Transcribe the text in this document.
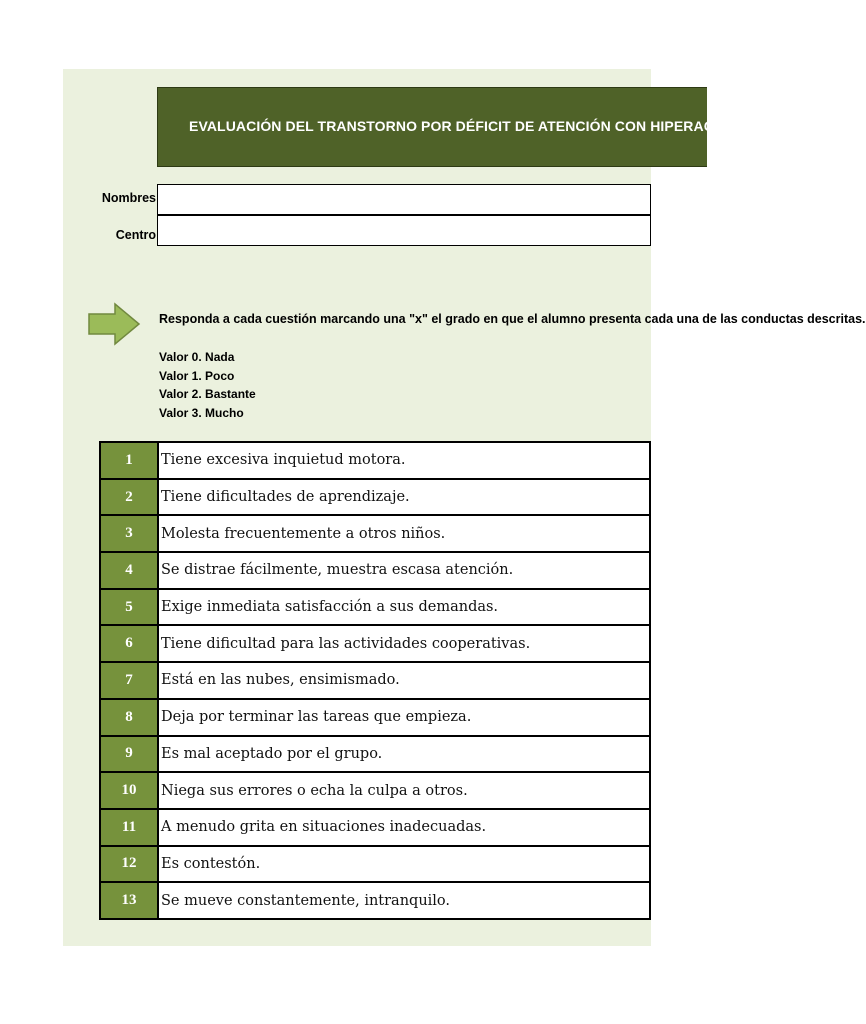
EVALUACIÓN DEL TRANSTORNO POR DÉFICIT DE ATENCIÓN CON HIPERACTIVIDAD
Nombres
Centro
Responda a cada cuestión marcando una "x" el grado en que el alumno presenta cada una de las conductas descritas.
Valor 0. Nada
Valor 1. Poco
Valor 2. Bastante
Valor 3. Mucho
1	Tiene excesiva inquietud motora.
2	Tiene dificultades de aprendizaje.
3	Molesta frecuentemente a otros niños.
4	Se distrae fácilmente, muestra escasa atención.
5	Exige inmediata satisfacción a sus demandas.
6	Tiene dificultad para las actividades cooperativas.
7	Está en las nubes, ensimismado.
8	Deja por terminar las tareas que empieza.
9	Es mal aceptado por el grupo.
10	Niega sus errores o echa la culpa a otros.
11	A menudo grita en situaciones inadecuadas.
12	Es contestón.
13	Se mueve constantemente, intranquilo.
